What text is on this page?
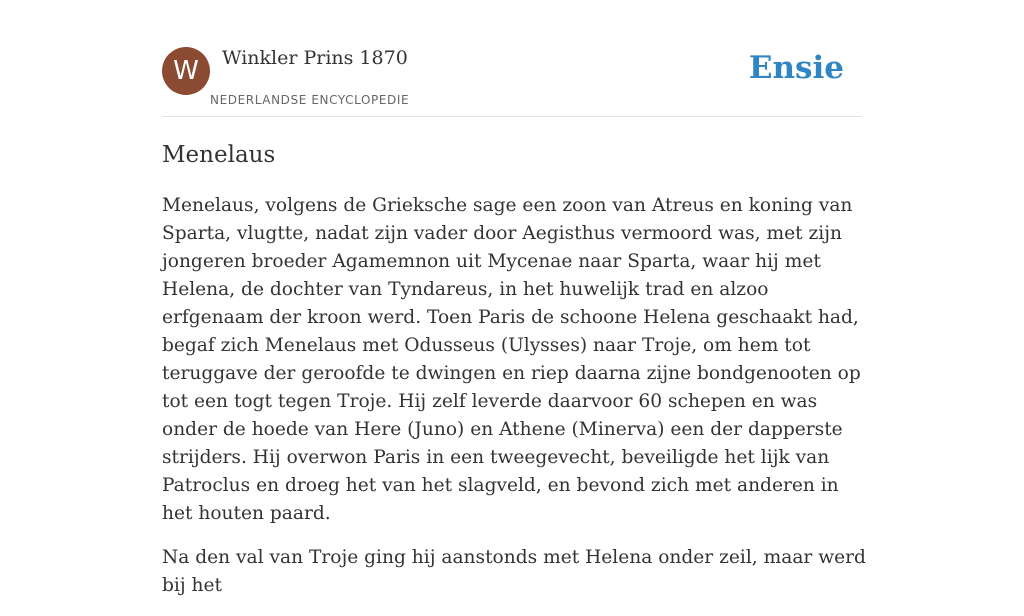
W	Winkler Prins 1870
NEDERLANDSE ENCYCLOPEDIE
Ensie
Menelaus

Menelaus, volgens de Grieksche sage een zoon van Atreus en koning van Sparta, vlugtte, nadat zijn vader door Aegisthus vermoord was, met zijn jongeren broeder Agamemnon uit Mycenae naar Sparta, waar hij met Helena, de dochter van Tyndareus, in het huwelijk trad en alzoo erfgenaam der kroon werd. Toen Paris de schoone Helena geschaakt had, begaf zich Menelaus met Odusseus (Ulysses) naar Troje, om hem tot teruggave der geroofde te dwingen en riep daarna zijne bondgenooten op tot een togt tegen Troje. Hij zelf leverde daarvoor 60 schepen en was onder de hoede van Here (Juno) en Athene (Minerva) een der dapperste strijders. Hij overwon Paris in een tweegevecht, beveiligde het lijk van Patroclus en droeg het van het slagveld, en bevond zich met anderen in het houten paard.

Na den val van Troje ging hij aanstonds met Helena onder zeil, maar werd bij het
